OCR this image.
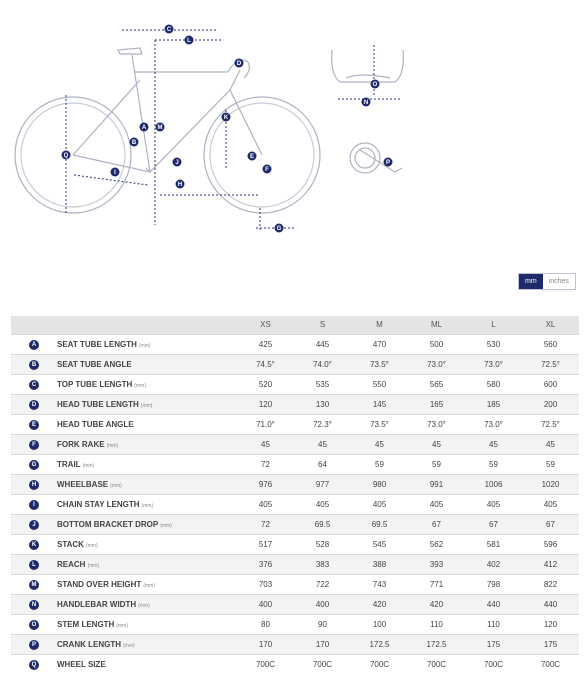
A
B
C
D
E
F
G
H
I
J
K
L
M
N
O
P
Q
mm	inches
		XS	S	M	ML	L	XL
A	SEAT TUBE LENGTH (mm)	425	445	470	500	530	560
B	SEAT TUBE ANGLE	74.5°	74.0°	73.5°	73.0°	73.0°	72.5°
C	TOP TUBE LENGTH (mm)	520	535	550	565	580	600
D	HEAD TUBE LENGTH (mm)	120	130	145	165	185	200
E	HEAD TUBE ANGLE	71.0°	72.3°	73.5°	73.0°	73.0°	72.5°
F	FORK RAKE (mm)	45	45	45	45	45	45
G	TRAIL (mm)	72	64	59	59	59	59
H	WHEELBASE (mm)	976	977	980	991	1006	1020
I	CHAIN STAY LENGTH (mm)	405	405	405	405	405	405
J	BOTTOM BRACKET DROP (mm)	72	69.5	69.5	67	67	67
K	STACK (mm)	517	528	545	562	581	596
L	REACH (mm)	376	383	388	393	402	412
M	STAND OVER HEIGHT (mm)	703	722	743	771	798	822
N	HANDLEBAR WIDTH (mm)	400	400	420	420	440	440
O	STEM LENGTH (mm)	80	90	100	110	110	120
P	CRANK LENGTH (mm)	170	170	172.5	172.5	175	175
Q	WHEEL SIZE	700C	700C	700C	700C	700C	700C
